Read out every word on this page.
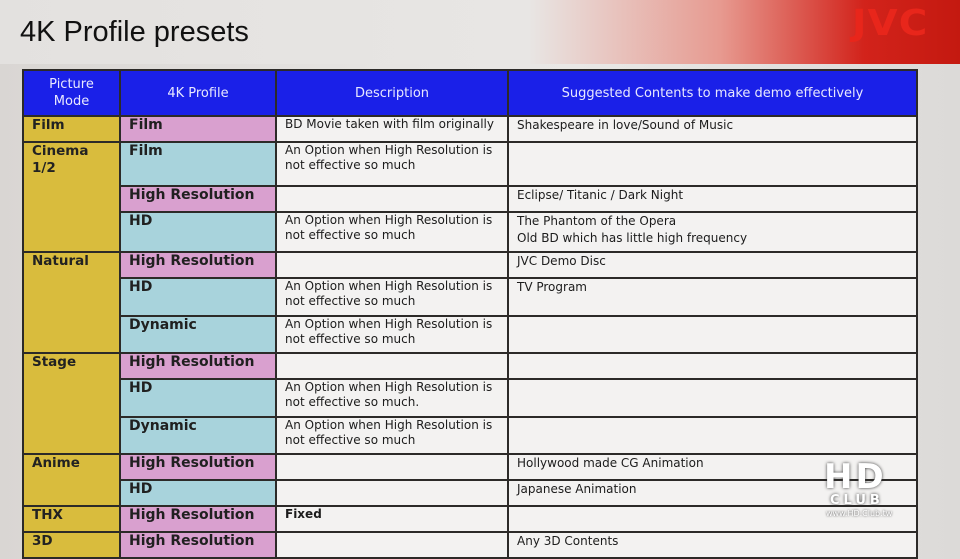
4K Profile presets	JVC
Picture Mode	4K Profile	Description	Suggested Contents to make demo effectively
Film	Film	BD Movie taken with film originally	Shakespeare in love/Sound of Music
Cinema 1/2	Film	An Option when High Resolution is not effective so much	
	High Resolution		Eclipse/ Titanic / Dark Night
	HD	An Option when High Resolution is not effective so much	The Phantom of the Opera
Old BD which has little high frequency

Natural	High Resolution		JVC Demo Disc
	HD	An Option when High Resolution is not effective so much	TV Program
	Dynamic	An Option when High Resolution is not effective so much	
Stage	High Resolution		
	HD	An Option when High Resolution is not effective so much.	
	Dynamic	An Option when High Resolution is not effective so much	
Anime	High Resolution		Hollywood made CG Animation
	HD		Japanese Animation
THX	High Resolution	Fixed	
3D	High Resolution		Any 3D Contents
HD
CLUB
www.HD.Club.tw
